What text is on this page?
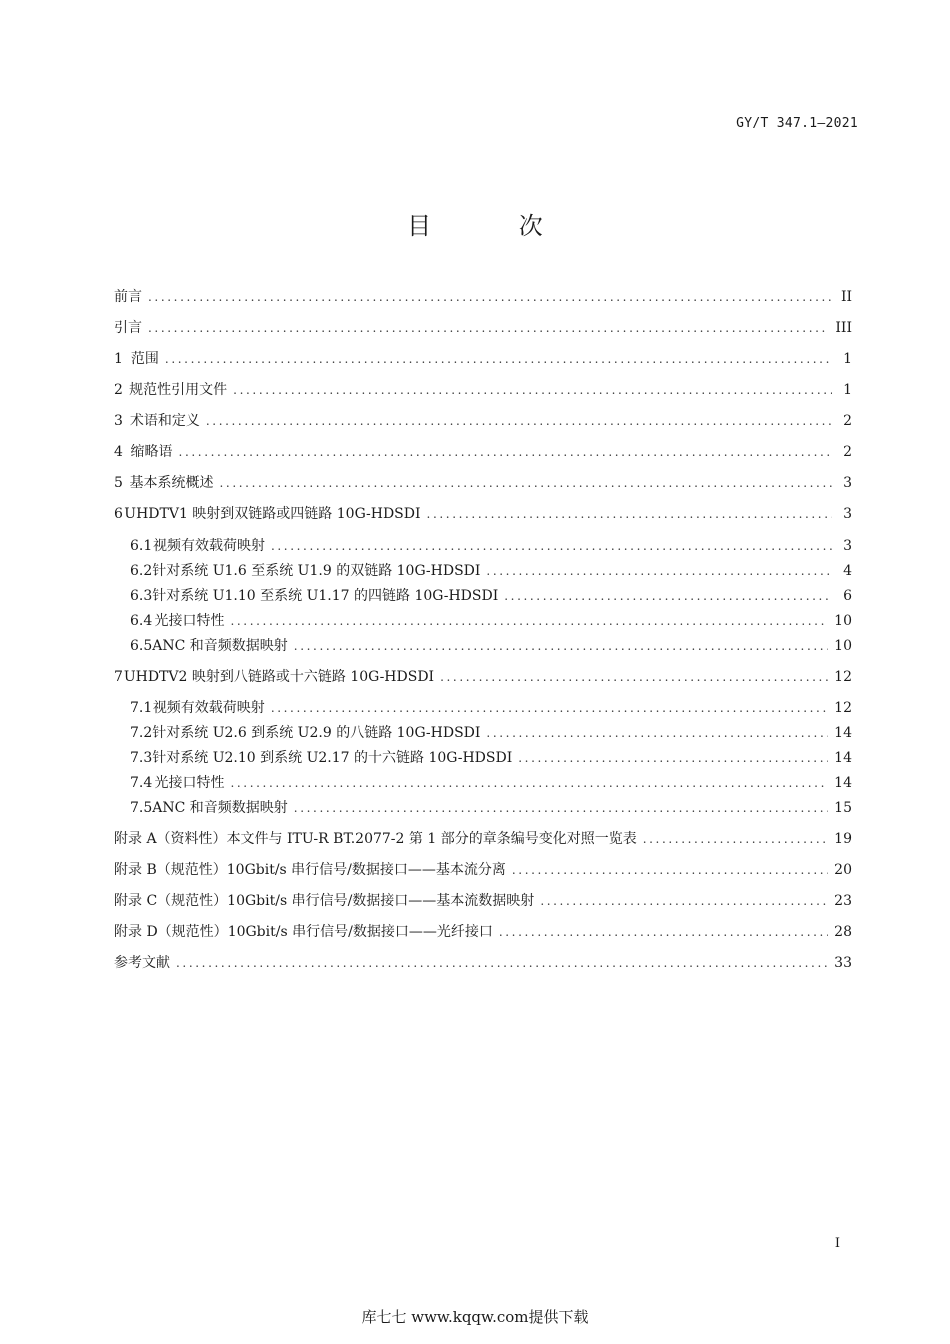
GY/T 347.1—2021
目 次
前言 .....	II
引言 .....	III
1 范围 .....	1
2 规范性引用文件 .....	1
3 术语和定义 .....	2
4 缩略语 .....	2
5 基本系统概述 .....	3
6 UHDTV1 映射到双链路或四链路 10G-HDSDI .....	3
6.1 视频有效载荷映射 .....	3
6.2 针对系统 U1.6 至系统 U1.9 的双链路 10G-HDSDI .....	4
6.3 针对系统 U1.10 至系统 U1.17 的四链路 10G-HDSDI .....	6
6.4 光接口特性 .....	10
6.5 ANC 和音频数据映射 .....	10
7 UHDTV2 映射到八链路或十六链路 10G-HDSDI .....	12
7.1 视频有效载荷映射 .....	12
7.2 针对系统 U2.6 到系统 U2.9 的八链路 10G-HDSDI .....	14
7.3 针对系统 U2.10 到系统 U2.17 的十六链路 10G-HDSDI .....	14
7.4 光接口特性 .....	14
7.5 ANC 和音频数据映射 .....	15
附录 A（资料性） 本文件与 ITU-R BT.2077-2 第 1 部分的章条编号变化对照一览表 .....	19
附录 B（规范性） 10Gbit/s 串行信号/数据接口——基本流分离 .....	20
附录 C（规范性） 10Gbit/s 串行信号/数据接口——基本流数据映射 .....	23
附录 D（规范性） 10Gbit/s 串行信号/数据接口——光纤接口 .....	28
参考文献 .....	33
I
库七七 www.kqqw.com提供下载
